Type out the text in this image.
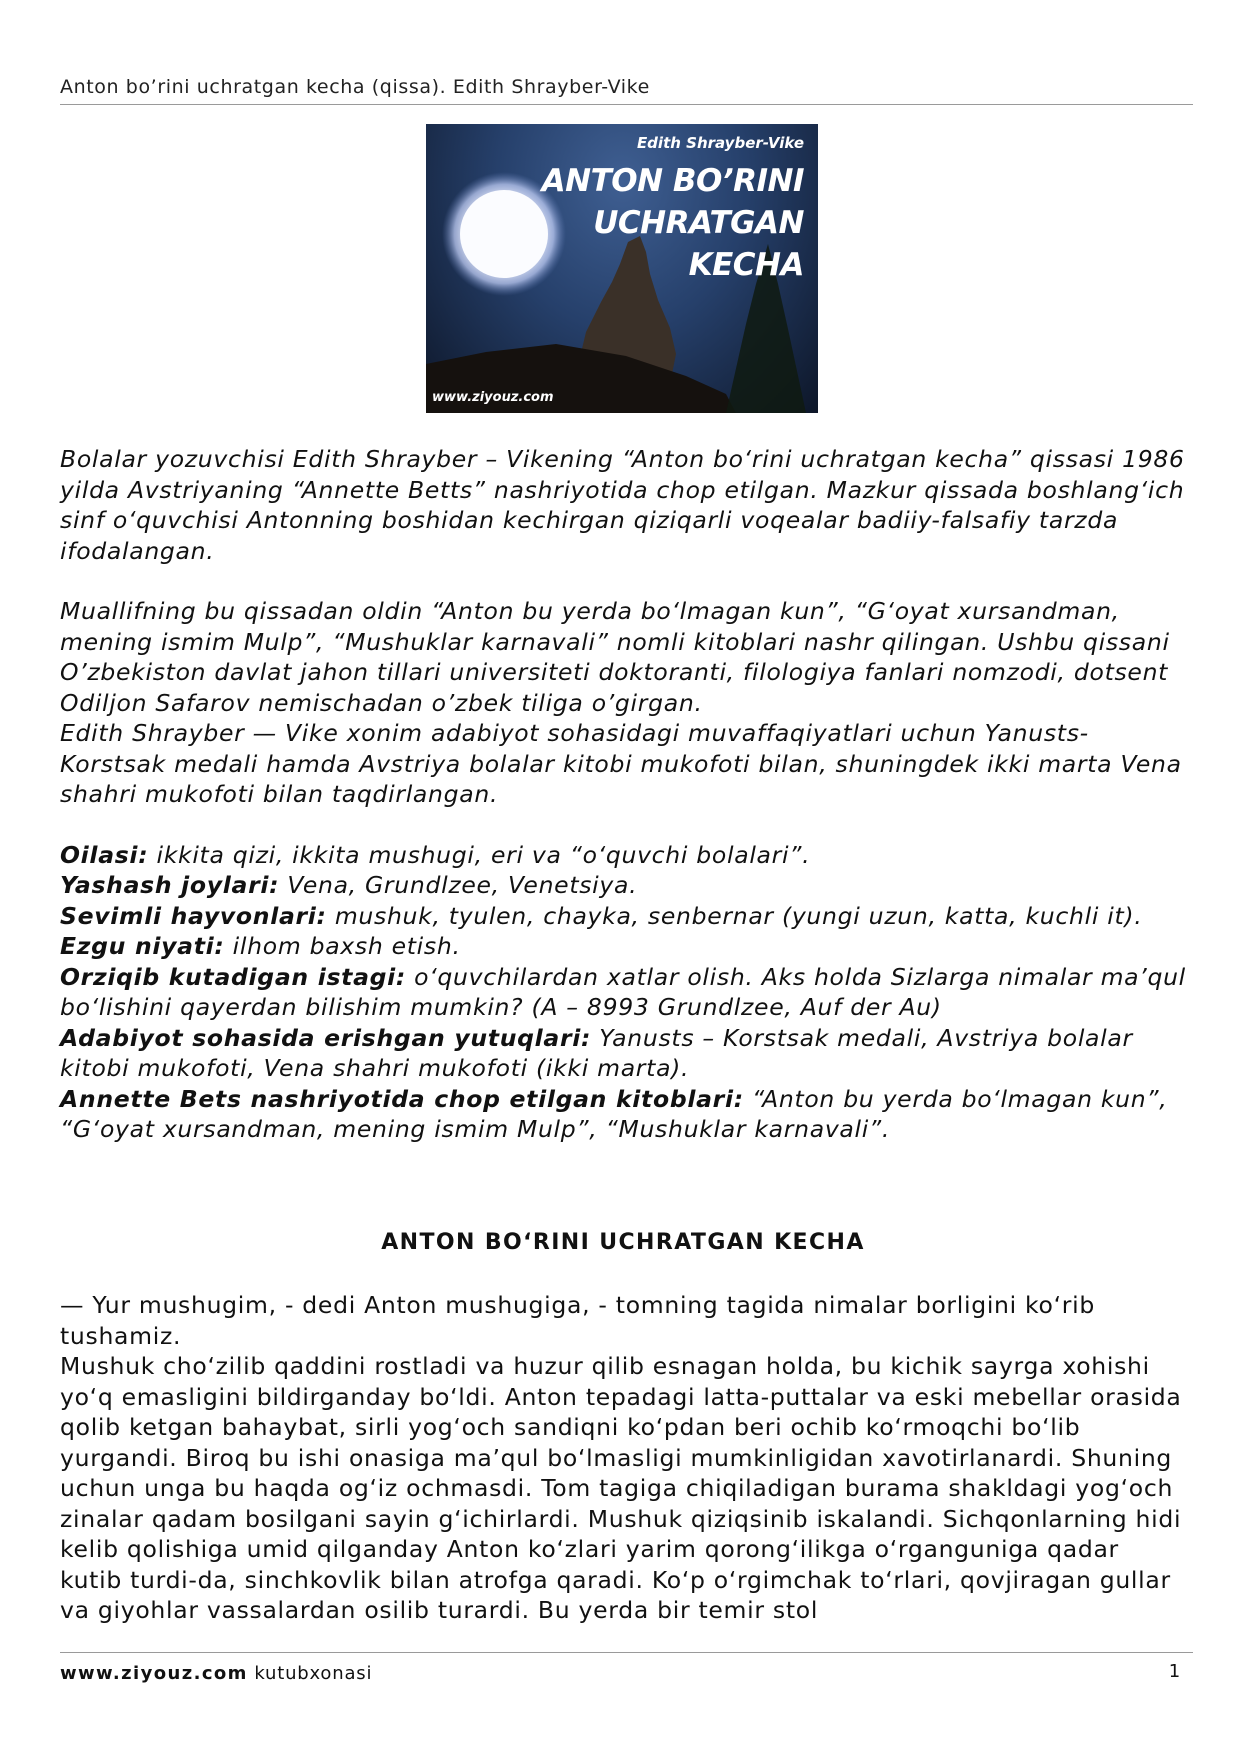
Anton bo’rini uchratgan kecha (qissa). Edith Shrayber-Vike
Edith Shrayber-Vike
ANTON BO’RINI
UCHRATGAN
KECHA
www.ziyouz.com

Bolalar yozuvchisi Edith Shrayber – Vikening “Anton bo‘rini uchratgan kecha” qissasi 1986 yilda Avstriyaning “Annette Betts” nashriyotida chop etilgan. Mazkur qissada boshlang‘ich sinf o‘quvchisi Antonning boshidan kechirgan qiziqarli voqealar badiiy-falsafiy tarzda ifodalangan.

Muallifning bu qissadan oldin “Anton bu yerda bo‘lmagan kun”, “G‘oyat xursandman, mening ismim Mulp”, “Mushuklar karnavali” nomli kitoblari nashr qilingan. Ushbu qissani O’zbekiston davlat jahon tillari universiteti doktoranti, filologiya fanlari nomzodi, dotsent Odiljon Safarov nemischadan o’zbek tiliga o’girgan.

Edith Shrayber — Vike xonim adabiyot sohasidagi muvaffaqiyatlari uchun Yanusts-Korstsak medali hamda Avstriya bolalar kitobi mukofoti bilan, shuningdek ikki marta Vena shahri mukofoti bilan taqdirlangan.

Oilasi: ikkita qizi, ikkita mushugi, eri va “o‘quvchi bolalari”.

Yashash joylari: Vena, Grundlzee, Venetsiya.

Sevimli hayvonlari: mushuk, tyulen, chayka, senbernar (yungi uzun, katta, kuchli it).

Ezgu niyati: ilhom baxsh etish.

Orziqib kutadigan istagi: o‘quvchilardan xatlar olish. Aks holda Sizlarga nimalar ma’qul bo‘lishini qayerdan bilishim mumkin? (A – 8993 Grundlzee, Auf der Au)

Adabiyot sohasida erishgan yutuqlari: Yanusts – Korstsak medali, Avstriya bolalar kitobi mukofoti, Vena shahri mukofoti (ikki marta).

Annette Bets nashriyotida chop etilgan kitoblari: “Anton bu yerda bo‘lmagan kun”, “G‘oyat xursandman, mening ismim Mulp”, “Mushuklar karnavali”.

ANTON BO‘RINI UCHRATGAN KECHA

— Yur mushugim, - dedi Anton mushugiga, - tomning tagida nimalar borligini ko‘rib tushamiz.

Mushuk cho‘zilib qaddini rostladi va huzur qilib esnagan holda, bu kichik sayrga xohishi yo‘q emasligini bildirganday bo‘ldi. Anton tepadagi latta-puttalar va eski mebellar orasida qolib ketgan bahaybat, sirli yog‘och sandiqni ko‘pdan beri ochib ko‘rmoqchi bo‘lib yurgandi. Biroq bu ishi onasiga ma’qul bo‘lmasligi mumkinligidan xavotirlanardi. Shuning uchun unga bu haqda og‘iz ochmasdi. Tom tagiga chiqiladigan burama shakldagi yog‘och zinalar qadam bosilgani sayin g‘ichirlardi. Mushuk qiziqsinib iskalandi. Sichqonlarning hidi kelib qolishiga umid qilganday Anton ko‘zlari yarim qorong‘ilikga o‘rganguniga qadar kutib turdi-da, sinchkovlik bilan atrofga qaradi. Ko‘p o‘rgimchak to‘rlari, qovjiragan gullar va giyohlar vassalardan osilib turardi. Bu yerda bir temir stol

www.ziyouz.com kutubxonasi	1
